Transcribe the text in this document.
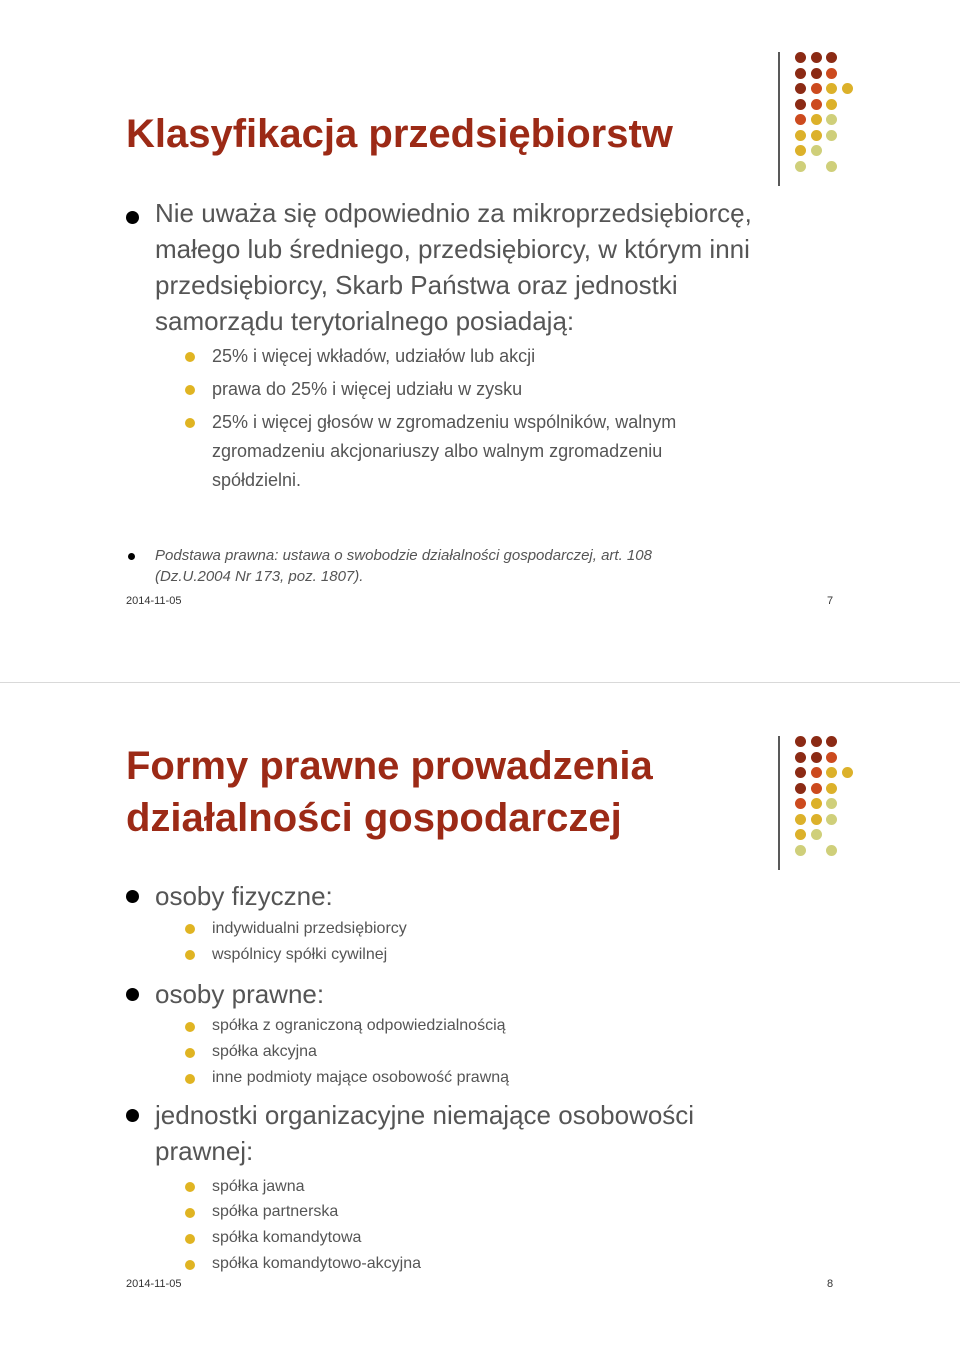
Klasyfikacja przedsiębiorstw
Nie uważa się odpowiednio za mikroprzedsiębiorcę,
małego lub średniego, przedsiębiorcy, w którym inni
przedsiębiorcy, Skarb Państwa oraz jednostki
samorządu terytorialnego posiadają:
25% i więcej wkładów, udziałów lub akcji
prawa do 25% i więcej udziału w zysku
25% i więcej głosów w zgromadzeniu wspólników, walnym
zgromadzeniu akcjonariuszy albo walnym zgromadzeniu
spółdzielni.
Podstawa prawna: ustawa o swobodzie działalności gospodarczej, art. 108
(Dz.U.2004 Nr 173, poz. 1807).
2014-11-05	7
Formy prawne prowadzenia
działalności gospodarczej
osoby fizyczne:
indywidualni przedsiębiorcy
wspólnicy spółki cywilnej
osoby prawne:
spółka z ograniczoną odpowiedzialnością
spółka akcyjna
inne podmioty mające osobowość prawną
jednostki organizacyjne niemające osobowości
prawnej:
spółka jawna
spółka partnerska
spółka komandytowa
spółka komandytowo-akcyjna
2014-11-05	8
